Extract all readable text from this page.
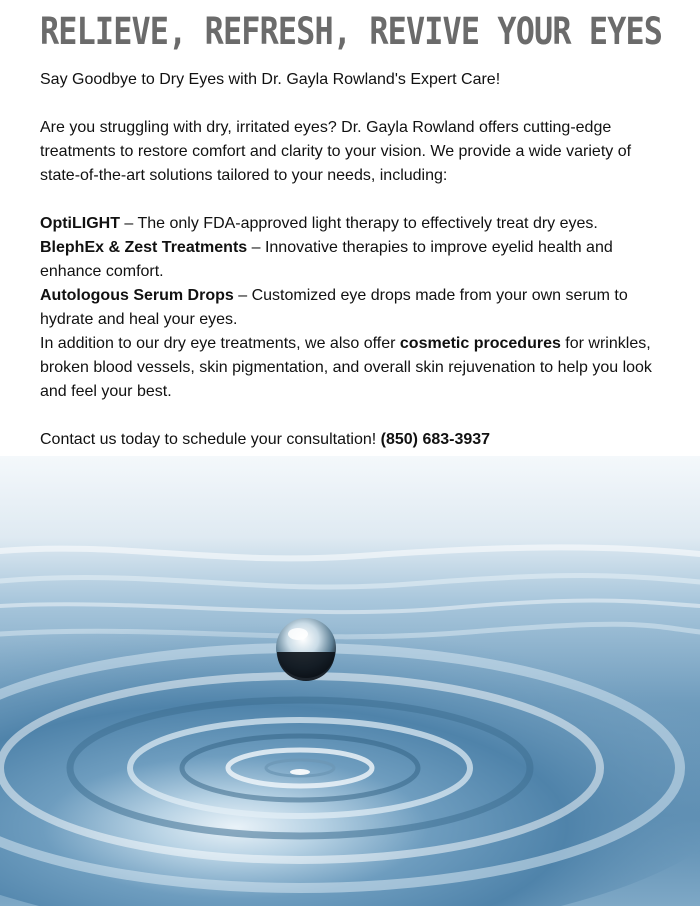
RELIEVE, REFRESH, REVIVE YOUR EYES

Say Goodbye to Dry Eyes with Dr. Gayla Rowland's Expert Care!

Are you struggling with dry, irritated eyes? Dr. Gayla Rowland offers cutting-edge treatments to restore comfort and clarity to your vision. We provide a wide variety of state-of-the-art solutions tailored to your needs, including:

OptiLIGHT – The only FDA-approved light therapy to effectively treat dry eyes.

BlephEx & Zest Treatments – Innovative therapies to improve eyelid health and enhance comfort.

Autologous Serum Drops – Customized eye drops made from your own serum to hydrate and heal your eyes.

In addition to our dry eye treatments, we also offer cosmetic procedures for wrinkles, broken blood vessels, skin pigmentation, and overall skin rejuvenation to help you look and feel your best.

Contact us today to schedule your consultation! (850) 683-3937
